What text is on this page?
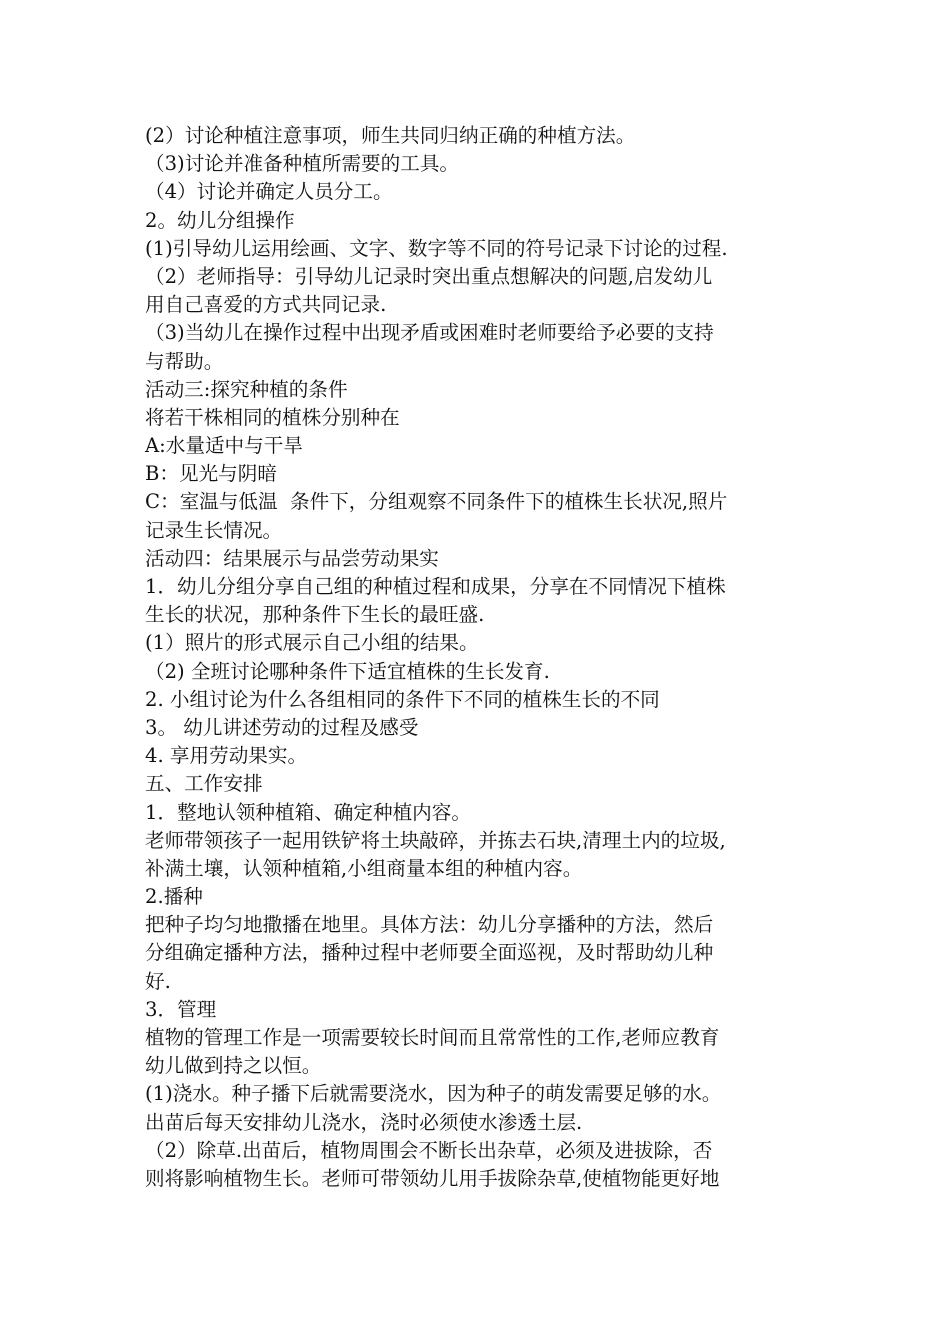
(2）讨论种植注意事项，师生共同归纳正确的种植方法。

（3)讨论并准备种植所需要的工具。

（4）讨论并确定人员分工。

2。幼儿分组操作

(1)引导幼儿运用绘画、文字、数字等不同的符号记录下讨论的过程.

（2）老师指导：引导幼儿记录时突出重点想解决的问题,启发幼儿

用自己喜爱的方式共同记录.

（3)当幼儿在操作过程中出现矛盾或困难时老师要给予必要的支持

与帮助。

活动三:探究种植的条件

将若干株相同的植株分别种在

A:水量适中与干旱

B：见光与阴暗

C：室温与低温  条件下，分组观察不同条件下的植株生长状况,照片

记录生长情况。

活动四：结果展示与品尝劳动果实

1．幼儿分组分享自己组的种植过程和成果，分享在不同情况下植株

生长的状况，那种条件下生长的最旺盛.

(1）照片的形式展示自己小组的结果。

（2) 全班讨论哪种条件下适宜植株的生长发育.

2. 小组讨论为什么各组相同的条件下不同的植株生长的不同

3。 幼儿讲述劳动的过程及感受

4. 享用劳动果实。

五、工作安排

1．整地认领种植箱、确定种植内容。

老师带领孩子一起用铁铲将土块敲碎，并拣去石块,清理土内的垃圾,

补满土壤，认领种植箱,小组商量本组的种植内容。

2.播种

把种子均匀地撒播在地里。具体方法：幼儿分享播种的方法，然后

分组确定播种方法，播种过程中老师要全面巡视，及时帮助幼儿种

好.

3．管理

植物的管理工作是一项需要较长时间而且常常性的工作,老师应教育

幼儿做到持之以恒。

(1)浇水。种子播下后就需要浇水，因为种子的萌发需要足够的水。

出苗后每天安排幼儿浇水，浇时必须使水渗透土层.

（2）除草.出苗后，植物周围会不断长出杂草，必须及进拔除，否

则将影响植物生长。老师可带领幼儿用手拔除杂草,使植物能更好地
